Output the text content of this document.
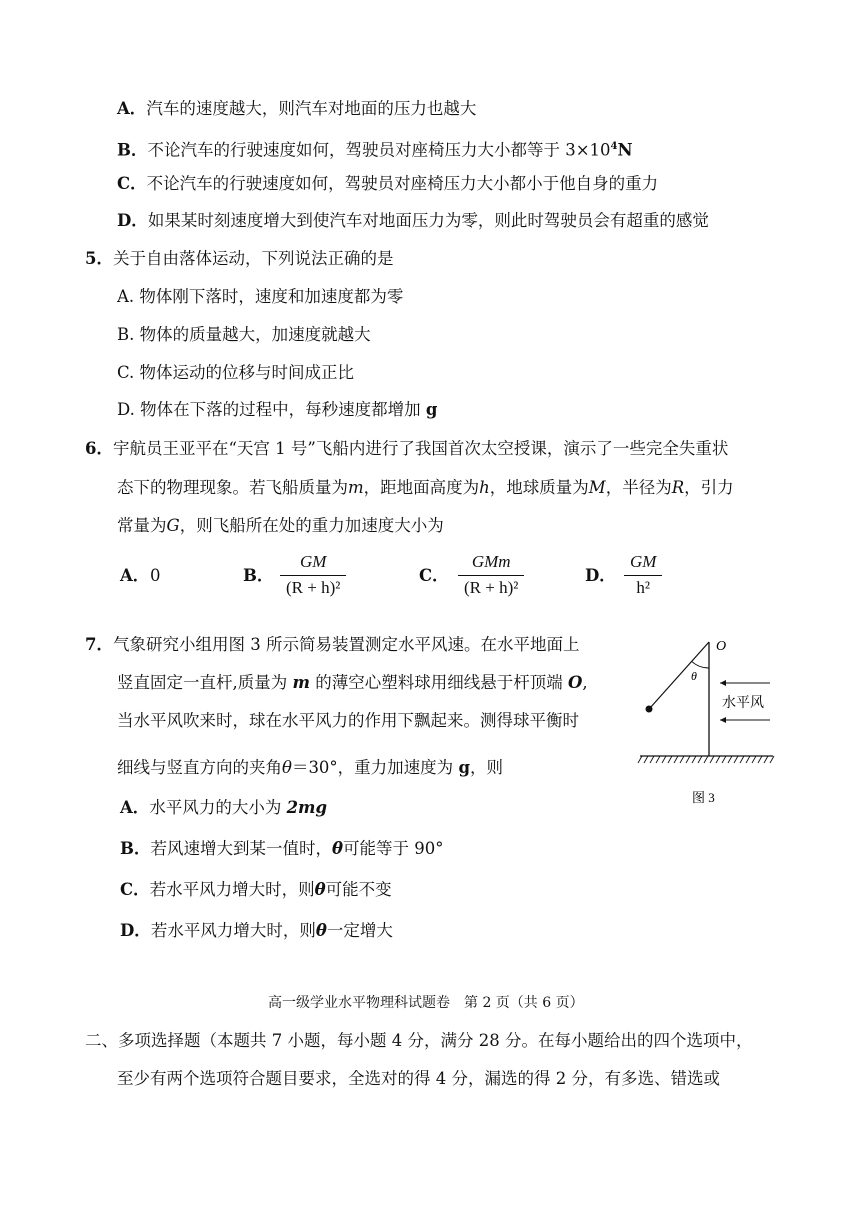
A．汽车的速度越大，则汽车对地面的压力也越大
B．不论汽车的行驶速度如何，驾驶员对座椅压力大小都等于 $3\times 10^4N$
C．不论汽车的行驶速度如何，驾驶员对座椅压力大小都小于他自身的重力
D．如果某时刻速度增大到使汽车对地面压力为零，则此时驾驶员会有超重的感觉
5．关于自由落体运动，下列说法正确的是
A. 物体刚下落时，速度和加速度都为零
B. 物体的质量越大，加速度就越大
C. 物体运动的位移与时间成正比
D. 物体在下落的过程中，每秒速度都增加 g
6．宇航员王亚平在“天宫 1 号”飞船内进行了我国首次太空授课，演示了一些完全失重状
态下的物理现象。若飞船质量为m，距地面高度为h，地球质量为M，半径为R，引力
常量为G，则飞船所在处的重力加速度大小为
A． 0	B． $\frac{GM}{\text{(R + h)²}}$	C．
GMm
(R + h)²
D． $\frac{GM}{\text{h²}}$
7．气象研究小组用图 3 所示简易装置测定水平风速。在水平地面上
竖直固定一直杆,质量为 m 的薄空心塑料球用细线悬于杆顶端 O,
当水平风吹来时，球在水平风力的作用下飘起来。测得球平衡时
细线与竖直方向的夹角θ＝30°，重力加速度为 g，则
A．水平风力的大小为 2mg
B．若风速增大到某一值时，θ可能等于 90°
C．若水平风力增大时，则θ可能不变
D．若水平风力增大时，则θ一定增大
θ
O
水平风
图 3
高一级学业水平物理科试题卷　第 2 页（共 6 页）
二、多项选择题（本题共 7 小题，每小题 4 分，满分 28 分。在每小题给出的四个选项中，
至少有两个选项符合题目要求，全选对的得 4 分，漏选的得 2 分，有多选、错选或
